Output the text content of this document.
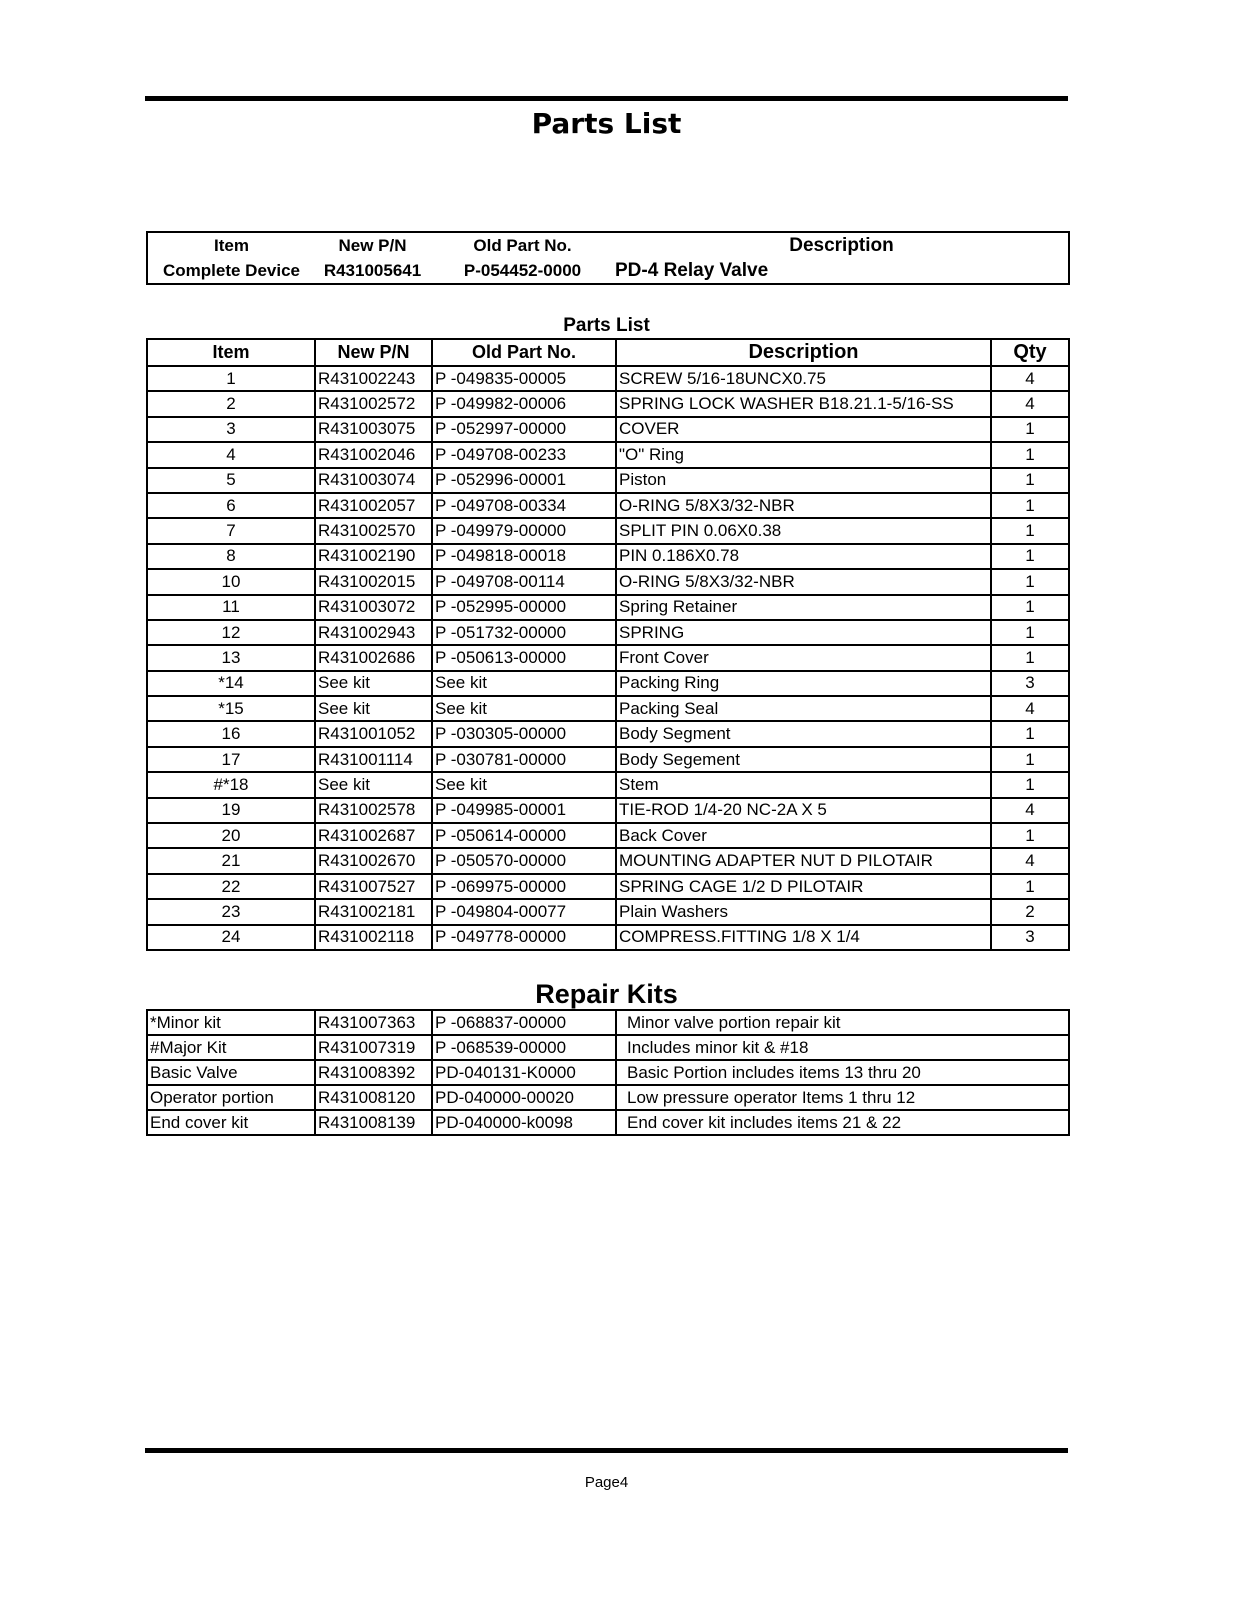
Parts List
Item	New P/N	Old Part No.	Description
Complete Device	R431005641	P-054452-0000	PD-4 Relay Valve
Parts List
Item	New P/N	Old Part No.	Description	Qty
1	R431002243	P -049835-00005	SCREW 5/16-18UNCX0.75	4
2	R431002572	P -049982-00006	SPRING LOCK WASHER B18.21.1-5/16-SS	4
3	R431003075	P -052997-00000	COVER	1
4	R431002046	P -049708-00233	"O" Ring	1
5	R431003074	P -052996-00001	Piston	1
6	R431002057	P -049708-00334	O-RING 5/8X3/32-NBR	1
7	R431002570	P -049979-00000	SPLIT PIN 0.06X0.38	1
8	R431002190	P -049818-00018	PIN 0.186X0.78	1
10	R431002015	P -049708-00114	O-RING 5/8X3/32-NBR	1
11	R431003072	P -052995-00000	Spring Retainer	1
12	R431002943	P -051732-00000	SPRING	1
13	R431002686	P -050613-00000	Front Cover	1
*14	See kit	See kit	Packing Ring	3
*15	See kit	See kit	Packing Seal	4
16	R431001052	P -030305-00000	Body Segment	1
17	R431001114	P -030781-00000	Body Segement	1
#*18	See kit	See kit	Stem	1
19	R431002578	P -049985-00001	TIE-ROD 1/4-20 NC-2A X 5	4
20	R431002687	P -050614-00000	Back Cover	1
21	R431002670	P -050570-00000	MOUNTING ADAPTER NUT D PILOTAIR	4
22	R431007527	P -069975-00000	SPRING CAGE 1/2 D PILOTAIR	1
23	R431002181	P -049804-00077	Plain Washers	2
24	R431002118	P -049778-00000	COMPRESS.FITTING 1/8 X 1/4	3
Repair Kits
*Minor kit	R431007363	P -068837-00000	Minor valve portion repair kit
#Major Kit	R431007319	P -068539-00000	Includes minor kit & #18
Basic Valve	R431008392	PD-040131-K0000	Basic Portion includes items 13 thru 20
Operator portion	R431008120	PD-040000-00020	Low pressure operator Items 1 thru 12
End cover kit	R431008139	PD-040000-k0098	End cover kit includes items 21 & 22
Page4
